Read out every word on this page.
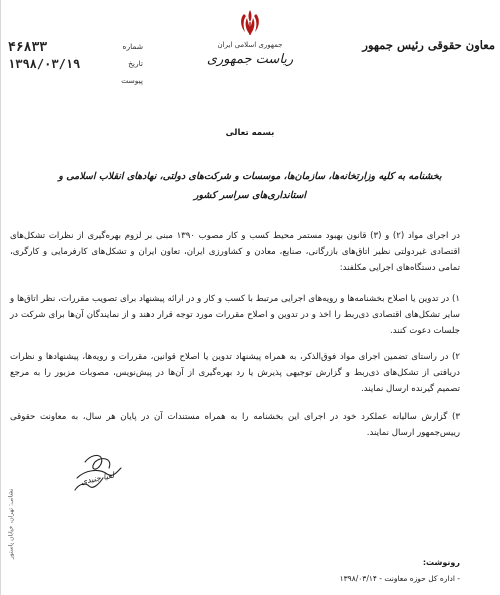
جمهوری اسلامی ایران
ریاست جمهوری
معاون حقوقی رئیس جمهور
شماره
۴۶۸۳۳
تاریخ
۱۳۹۸/۰۳/۱۹
پیوست
بسمه تعالی
بخشنامه به کلیه وزارتخانه‌ها، سازمان‌ها، موسسات و شرکت‌های دولتی، نهادهای انقلاب اسلامی و
استانداری‌های سراسر کشور
در اجرای مواد (۲) و (۳) قانون بهبود مستمر محیط کسب و کار مصوب ۱۳۹۰ مبنی بر لزوم بهره‌گیری از نظرات تشکل‌های اقتصادی غیردولتی نظیر اتاق‌های بازرگانی، صنایع، معادن و کشاورزی ایران، تعاون ایران و تشکل‌های کارفرمایی و کارگری، تمامی دستگاه‌های اجرایی مکلفند:
۱) در تدوین یا اصلاح بخشنامه‌ها و رویه‌های اجرایی مرتبط با کسب و کار و در ارائه پیشنهاد برای تصویب مقررات، نظر اتاق‌ها و سایر تشکل‌های اقتصادی ذی‌ربط را اخذ و در تدوین و اصلاح مقررات مورد توجه قرار دهند و از نمایندگان آن‌ها برای شرکت در جلسات دعوت کنند.
۲) در راستای تضمین اجرای مواد فوق‌الذکر، به همراه پیشنهاد تدوین یا اصلاح قوانین، مقررات و رویه‌ها، پیشنهادها و نظرات دریافتی از تشکل‌های ذی‌ربط و گزارش توجیهی پذیرش یا رد بهره‌گیری از آن‌ها در پیش‌نویس، مصوبات مزبور را به مرجع تصمیم گیرنده ارسال نمایند.
۳) گزارش سالیانه عملکرد خود در اجرای این بخشنامه را به همراه مستندات آن در پایان هر سال، به معاونت حقوقی رییس‌جمهور ارسال نمایند.
لعیا جنیدی
رونوشت:
- اداره کل حوزه معاونت - ۱۳۹۸/۰۳/۱۴
نشانی: تهران، خیابان پاستور
